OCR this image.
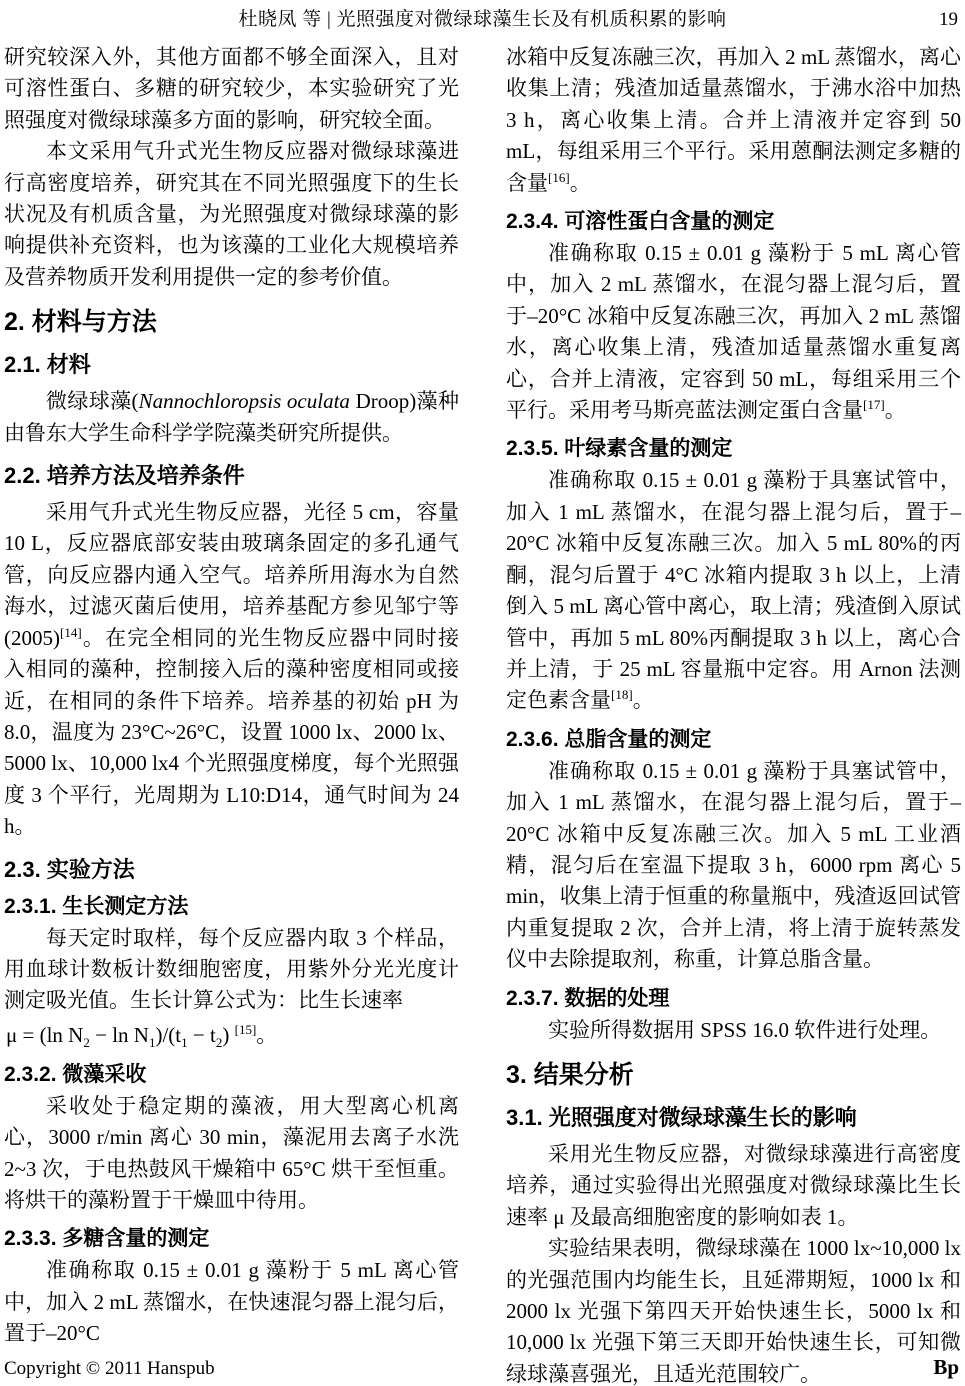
杜晓凤 等 | 光照强度对微绿球藻生长及有机质积累的影响	19
研究较深入外，其他方面都不够全面深入，且对可溶性蛋白、多糖的研究较少，本实验研究了光照强度对微绿球藻多方面的影响，研究较全面。
本文采用气升式光生物反应器对微绿球藻进行高密度培养，研究其在不同光照强度下的生长状况及有机质含量，为光照强度对微绿球藻的影响提供补充资料，也为该藻的工业化大规模培养及营养物质开发利用提供一定的参考价值。
2. 材料与方法
2.1. 材料
微绿球藻(Nannochloropsis oculata Droop)藻种由鲁东大学生命科学学院藻类研究所提供。
2.2. 培养方法及培养条件
采用气升式光生物反应器，光径 5 cm，容量 10 L，反应器底部安装由玻璃条固定的多孔通气管，向反应器内通入空气。培养所用海水为自然海水，过滤灭菌后使用，培养基配方参见邹宁等(2005)[14]。在完全相同的光生物反应器中同时接入相同的藻种，控制接入后的藻种密度相同或接近，在相同的条件下培养。培养基的初始 pH 为 8.0，温度为 23°C~26°C，设置 1000 lx、2000 lx、5000 lx、10,000 lx4 个光照强度梯度，每个光照强度 3 个平行，光周期为 L10:D14，通气时间为 24 h。
2.3. 实验方法
2.3.1. 生长测定方法
每天定时取样，每个反应器内取 3 个样品，用血球计数板计数细胞密度，用紫外分光光度计测定吸光值。生长计算公式为：比生长速率
μ = (ln $N_2 - \ln N_1)/(t_1 - t_2)$ [15]。
2.3.2. 微藻采收
采收处于稳定期的藻液，用大型离心机离心，3000 r/min 离心 30 min，藻泥用去离子水洗 2~3 次，于电热鼓风干燥箱中 65°C 烘干至恒重。将烘干的藻粉置于干燥皿中待用。
2.3.3. 多糖含量的测定
准确称取 0.15 ± 0.01 g 藻粉于 5 mL 离心管中，加入 2 mL 蒸馏水，在快速混匀器上混匀后，置于–20°C
冰箱中反复冻融三次，再加入 2 mL 蒸馏水，离心收集上清；残渣加适量蒸馏水，于沸水浴中加热 3 h，离心收集上清。合并上清液并定容到 50 mL，每组采用三个平行。采用蒽酮法测定多糖的含量[16]。
2.3.4. 可溶性蛋白含量的测定
准确称取 0.15 ± 0.01 g 藻粉于 5 mL 离心管中，加入 2 mL 蒸馏水，在混匀器上混匀后，置于–20°C 冰箱中反复冻融三次，再加入 2 mL 蒸馏水，离心收集上清，残渣加适量蒸馏水重复离心，合并上清液，定容到 50 mL，每组采用三个平行。采用考马斯亮蓝法测定蛋白含量[17]。
2.3.5. 叶绿素含量的测定
准确称取 0.15 ± 0.01 g 藻粉于具塞试管中，加入 1 mL 蒸馏水，在混匀器上混匀后，置于–20°C 冰箱中反复冻融三次。加入 5 mL 80%的丙酮，混匀后置于 4°C 冰箱内提取 3 h 以上，上清倒入 5 mL 离心管中离心，取上清；残渣倒入原试管中，再加 5 mL 80%丙酮提取 3 h 以上，离心合并上清，于 25 mL 容量瓶中定容。用 Arnon 法测定色素含量[18]。
2.3.6. 总脂含量的测定
准确称取 0.15 ± 0.01 g 藻粉于具塞试管中，加入 1 mL 蒸馏水，在混匀器上混匀后，置于–20°C 冰箱中反复冻融三次。加入 5 mL 工业酒精，混匀后在室温下提取 3 h，6000 rpm 离心 5 min，收集上清于恒重的称量瓶中，残渣返回试管内重复提取 2 次，合并上清，将上清于旋转蒸发仪中去除提取剂，称重，计算总脂含量。
2.3.7. 数据的处理
实验所得数据用 SPSS 16.0 软件进行处理。
3. 结果分析
3.1. 光照强度对微绿球藻生长的影响
采用光生物反应器，对微绿球藻进行高密度培养，通过实验得出光照强度对微绿球藻比生长速率 μ 及最高细胞密度的影响如表 1。
实验结果表明，微绿球藻在 1000 lx~10,000 lx 的光强范围内均能生长，且延滞期短，1000 lx 和 2000 lx 光强下第四天开始快速生长，5000 lx 和 10,000 lx 光强下第三天即开始快速生长，可知微绿球藻喜强光，且适光范围较广。
Copyright © 2011 Hanspub	Bp
